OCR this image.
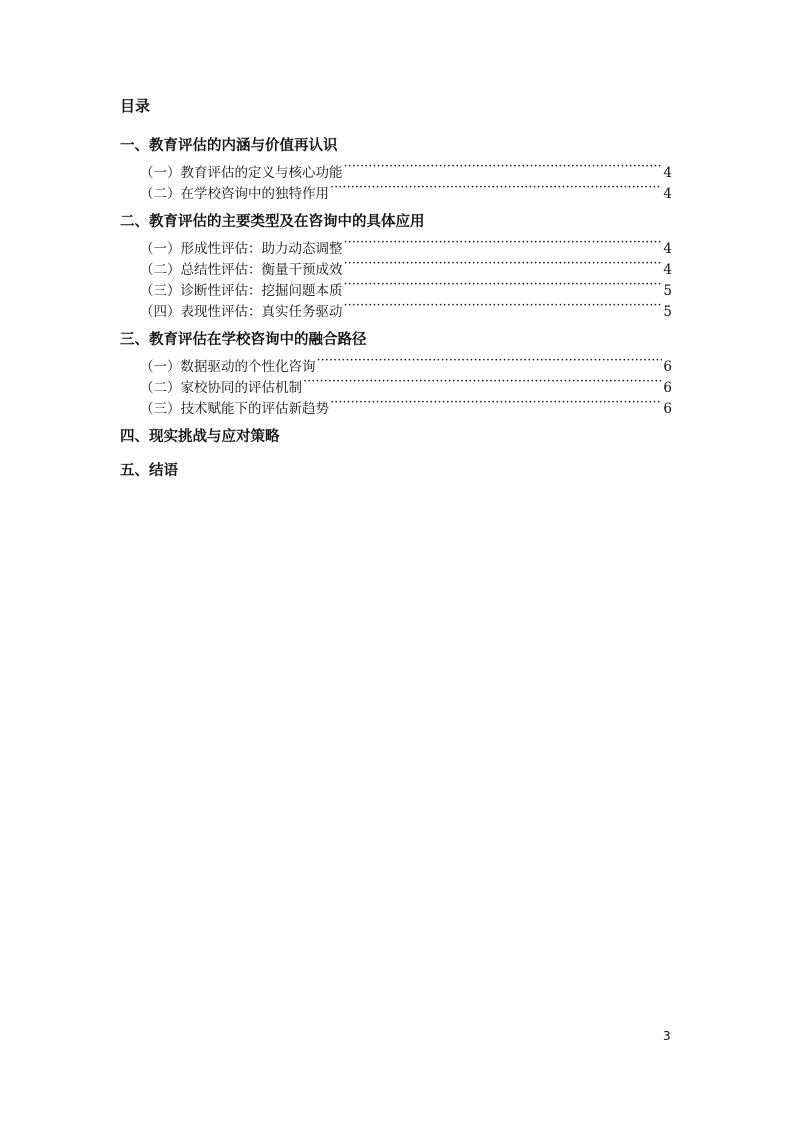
目录
一、教育评估的内涵与价值再认识
（一）教育评估的定义与核心功能 ·····	4
（二）在学校咨询中的独特作用 ·····	4
二、教育评估的主要类型及在咨询中的具体应用
（一）形成性评估：助力动态调整 ·····	4
（二）总结性评估：衡量干预成效 ·····	4
（三）诊断性评估：挖掘问题本质 ·····	5
（四）表现性评估：真实任务驱动 ·····	5
三、教育评估在学校咨询中的融合路径
（一）数据驱动的个性化咨询 ·····	6
（二）家校协同的评估机制 ·····	6
（三）技术赋能下的评估新趋势 ·····	6
四、现实挑战与应对策略
五、结语
3
